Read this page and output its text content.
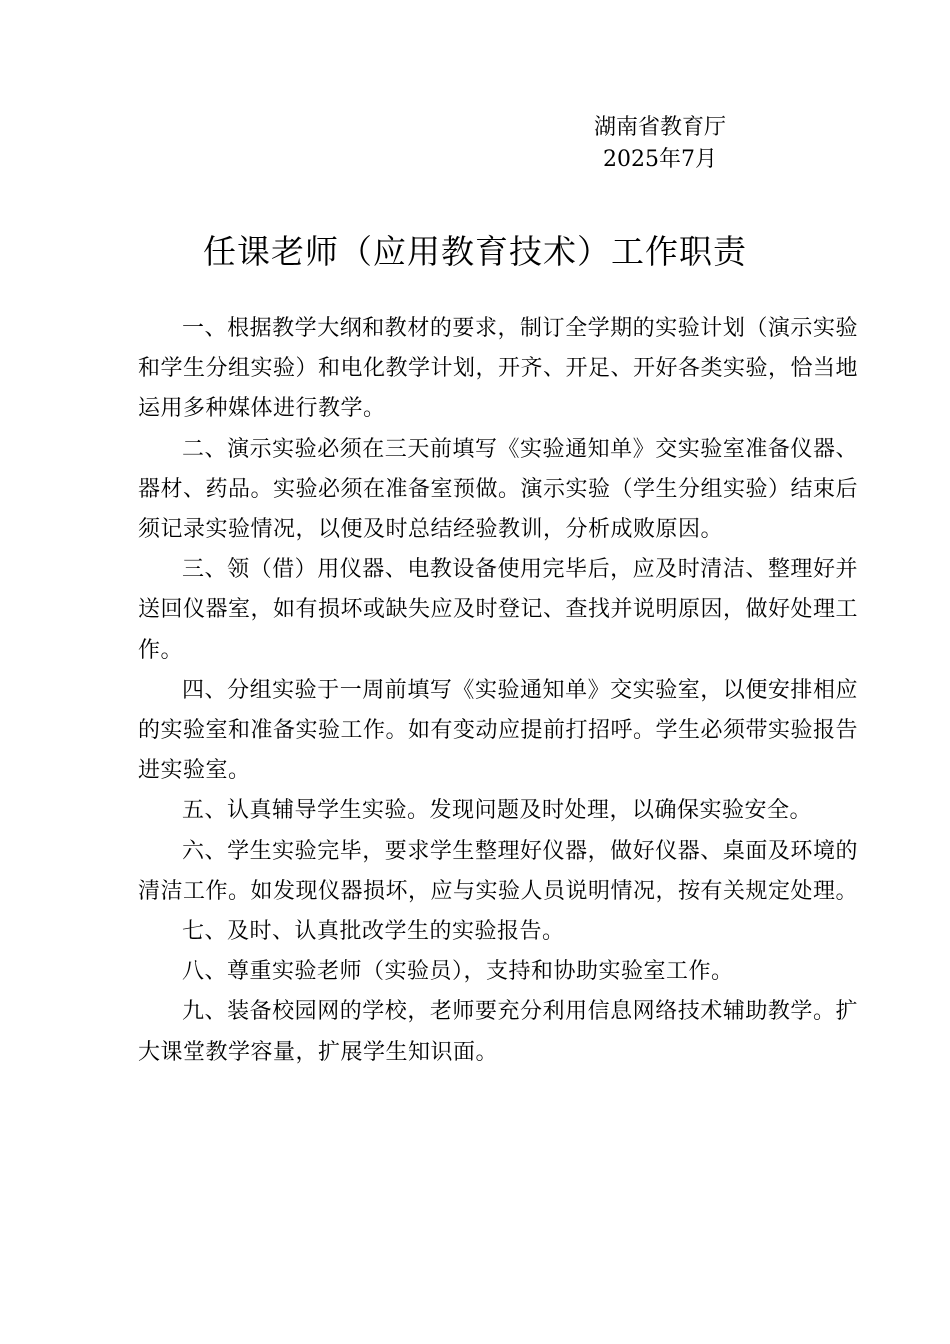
湖南省教育厅
2025年7月
任课老师（应用教育技术）工作职责

一、根据教学大纲和教材的要求，制订全学期的实验计划（演示实验和学生分组实验）和电化教学计划，开齐、开足、开好各类实验，恰当地运用多种媒体进行教学。

二、演示实验必须在三天前填写《实验通知单》交实验室准备仪器、器材、药品。实验必须在准备室预做。演示实验（学生分组实验）结束后须记录实验情况，以便及时总结经验教训，分析成败原因。

三、领（借）用仪器、电教设备使用完毕后，应及时清洁、整理好并送回仪器室，如有损坏或缺失应及时登记、查找并说明原因，做好处理工作。

四、分组实验于一周前填写《实验通知单》交实验室，以便安排相应的实验室和准备实验工作。如有变动应提前打招呼。学生必须带实验报告进实验室。

五、认真辅导学生实验。发现问题及时处理，以确保实验安全。

六、学生实验完毕，要求学生整理好仪器，做好仪器、桌面及环境的清洁工作。如发现仪器损坏，应与实验人员说明情况，按有关规定处理。

七、及时、认真批改学生的实验报告。

八、尊重实验老师（实验员），支持和协助实验室工作。

九、装备校园网的学校，老师要充分利用信息网络技术辅助教学。扩大课堂教学容量，扩展学生知识面。
